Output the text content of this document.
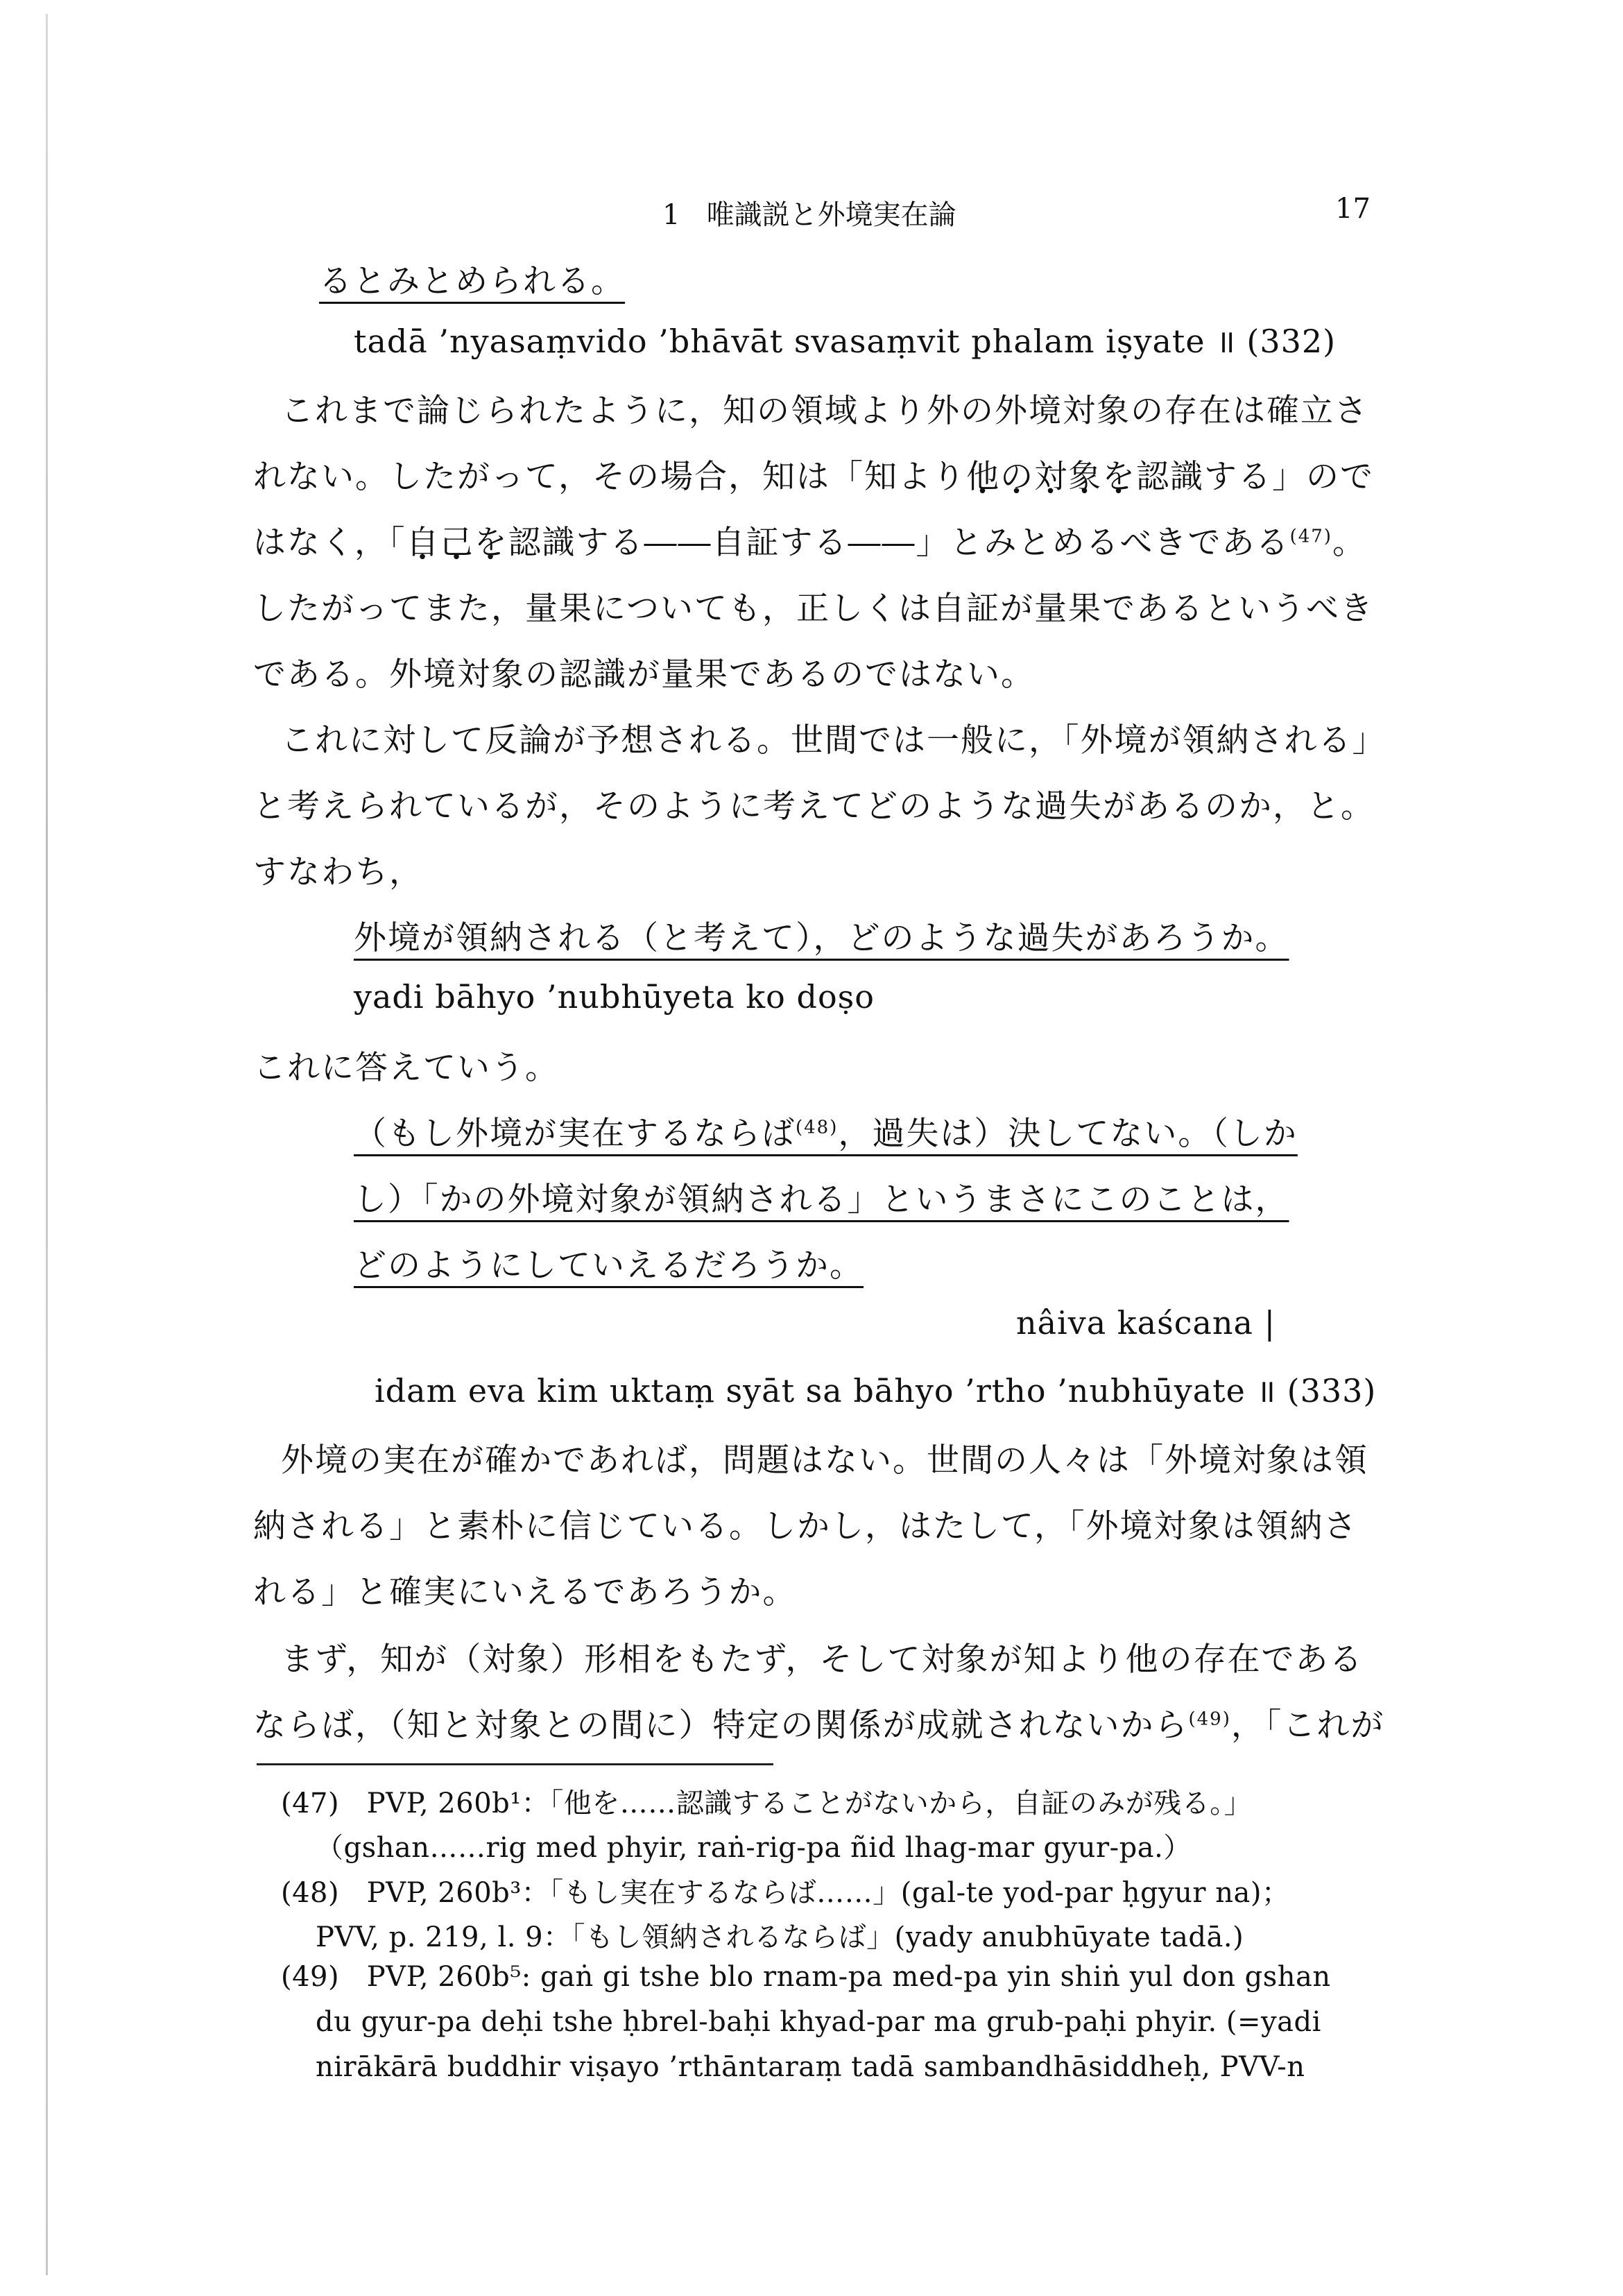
1 唯識説と外境実在論	17
るとみとめられる。
tadā ’nyasaṃvido ’bhāvāt svasaṃvit phalam iṣyate ॥ (332)
これまで論じられたように，知の領域より外の外境対象の存在は確立さ
れない。したがって，その場合，知は「知より他の対象を認識する」ので
はなく，「自己を認識する――自証する――」とみとめるべきである$^{(47)}$。
したがってまた，量果についても，正しくは自証が量果であるというべき
である。外境対象の認識が量果であるのではない。
これに対して反論が予想される。世間では一般に，「外境が領納される」
と考えられているが，そのように考えてどのような過失があるのか，と。
すなわち，
外境が領納される（と考えて），どのような過失があろうか。
yadi bāhyo ’nubhūyeta ko doṣo
これに答えていう。
（もし外境が実在するならば$^{(48)}$，過失は）決してない。（しか
し）「かの外境対象が領納される」というまさにこのことは，
どのようにしていえるだろうか。
nâiva kaścana |
idam eva kim uktaṃ syāt sa bāhyo ’rtho ’nubhūyate ॥ (333)
外境の実在が確かであれば，問題はない。世間の人々は「外境対象は領
納される」と素朴に信じている。しかし，はたして，「外境対象は領納さ
れる」と確実にいえるであろうか。
まず，知が（対象）形相をもたず，そして対象が知より他の存在である
ならば，（知と対象との間に）特定の関係が成就されないから$^{(49)}$，「これが
(47) PVP, 260b¹：「他を……認識することがないから，自証のみが残る。」
（gshan……rig med phyir, raṅ-rig-pa ñid lhag-mar gyur-pa.）
(48) PVP, 260b³：「もし実在するならば……」(gal-te yod-par ḥgyur na)；
PVV, p. 219, l. 9：「もし領納されるならば」(yady anubhūyate tadā.)
(49) PVP, 260b⁵: gaṅ gi tshe blo rnam-pa med-pa yin shiṅ yul don gshan
du gyur-pa deḥi tshe ḥbrel-baḥi khyad-par ma grub-paḥi phyir. (=yadi
nirākārā buddhir viṣayo ’rthāntaraṃ tadā sambandhāsiddheḥ, PVV-n
